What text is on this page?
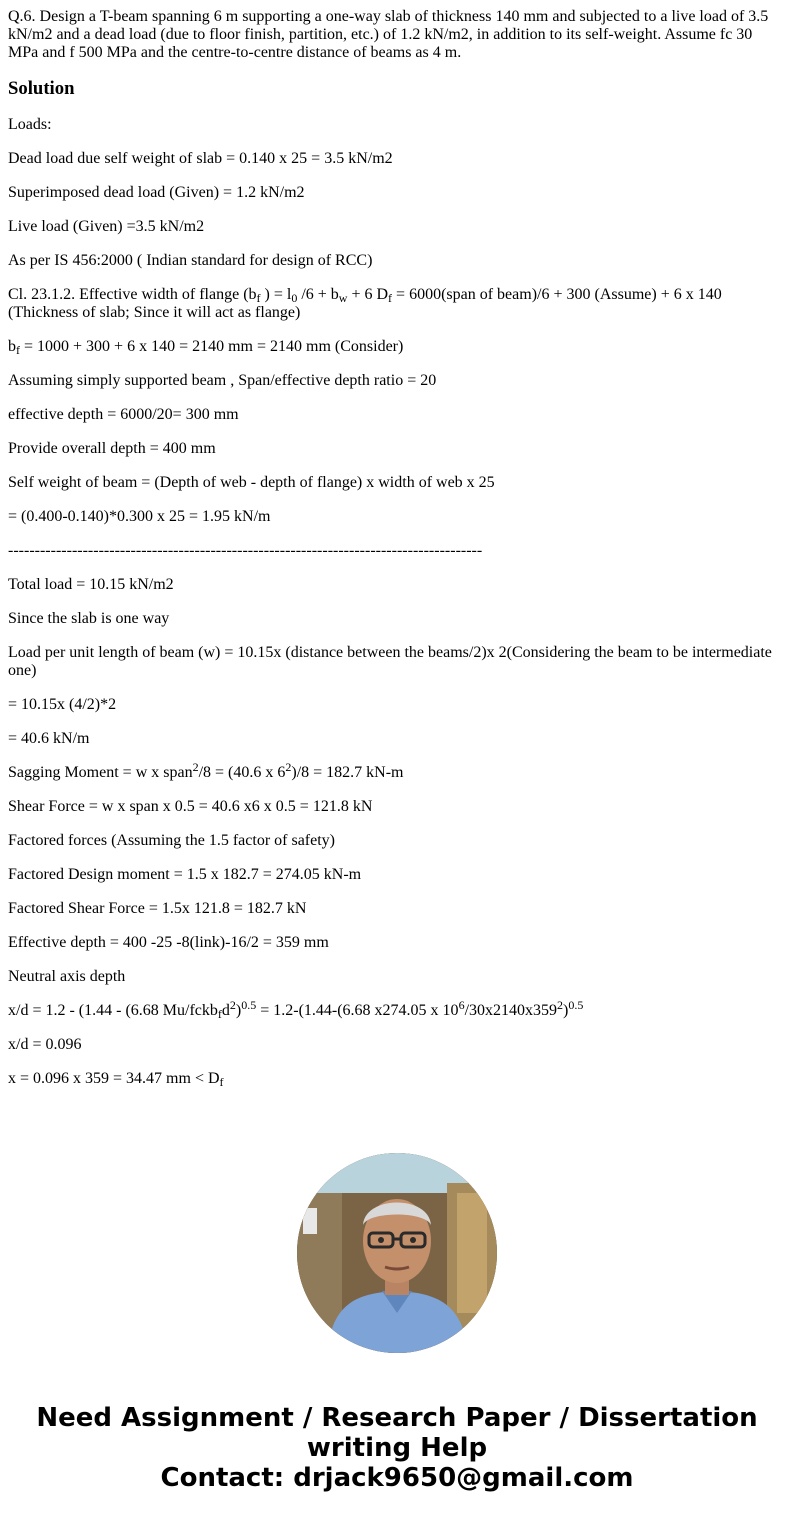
Q.6. Design a T-beam spanning 6 m supporting a one-way slab of thickness 140 mm and subjected to a live load of 3.5 kN/m2 and a dead load (due to floor finish, partition, etc.) of 1.2 kN/m2, in addition to its self-weight. Assume fc 30 MPa and f 500 MPa and the centre-to-centre distance of beams as 4 m.

Solution

Loads:

Dead load due self weight of slab = 0.140 x 25 = 3.5 kN/m2

Superimposed dead load (Given) = 1.2 kN/m2

Live load (Given) =3.5 kN/m2

As per IS 456:2000 ( Indian standard for design of RCC)

Cl. 23.1.2. Effective width of flange ($b_f$ ) = $l_0$ $/6 + b_w + 6$ $D_f$ = 6000(span of beam)/6 + 300 (Assume) + 6 x 140 (Thickness of slab; Since it will act as flange)

$b_f = 1000 + 300 + 6$ x 140 = 2140 mm = 2140 mm (Consider)

Assuming simply supported beam , Span/effective depth ratio = 20

effective depth = 6000/20= 300 mm

Provide overall depth = 400 mm

Self weight of beam = (Depth of web - depth of flange) x width of web x 25

= (0.400-0.140)*0.300 x 25 = 1.95 kN/m

-----------------------------------------------------------------------------------------

Total load = 10.15 kN/m2

Since the slab is one way

Load per unit length of beam (w) = 10.15x (distance between the beams/2)x 2(Considering the beam to be intermediate one)

= 10.15x (4/2)*2

= 40.6 kN/m

Sagging Moment = w x span$^2$/8 = (40.6 x $6^2)/8 = 182.7$ kN-m

Shear Force = w x span x 0.5 = 40.6 x6 x 0.5 = 121.8 kN

Factored forces (Assuming the 1.5 factor of safety)

Factored Design moment = 1.5 x 182.7 = 274.05 kN-m

Factored Shear Force = 1.5x 121.8 = 182.7 kN

Effective depth = 400 -25 -8(link)-16/2 = 359 mm

Neutral axis depth

x/d = 1.2 - (1.44 - (6.68 $Mu/fckb_fd^2)^{0.5} = 1.2-(1.44-(6.68$ x274.05 x $10^6/30x2140x359^2)^{0.5}$

x/d = 0.096

x = 0.096 x 359 = 34.47 mm < $D_f$

Need Assignment / Research Paper / Dissertation
writing Help
Contact: drjack9650@gmail.com
